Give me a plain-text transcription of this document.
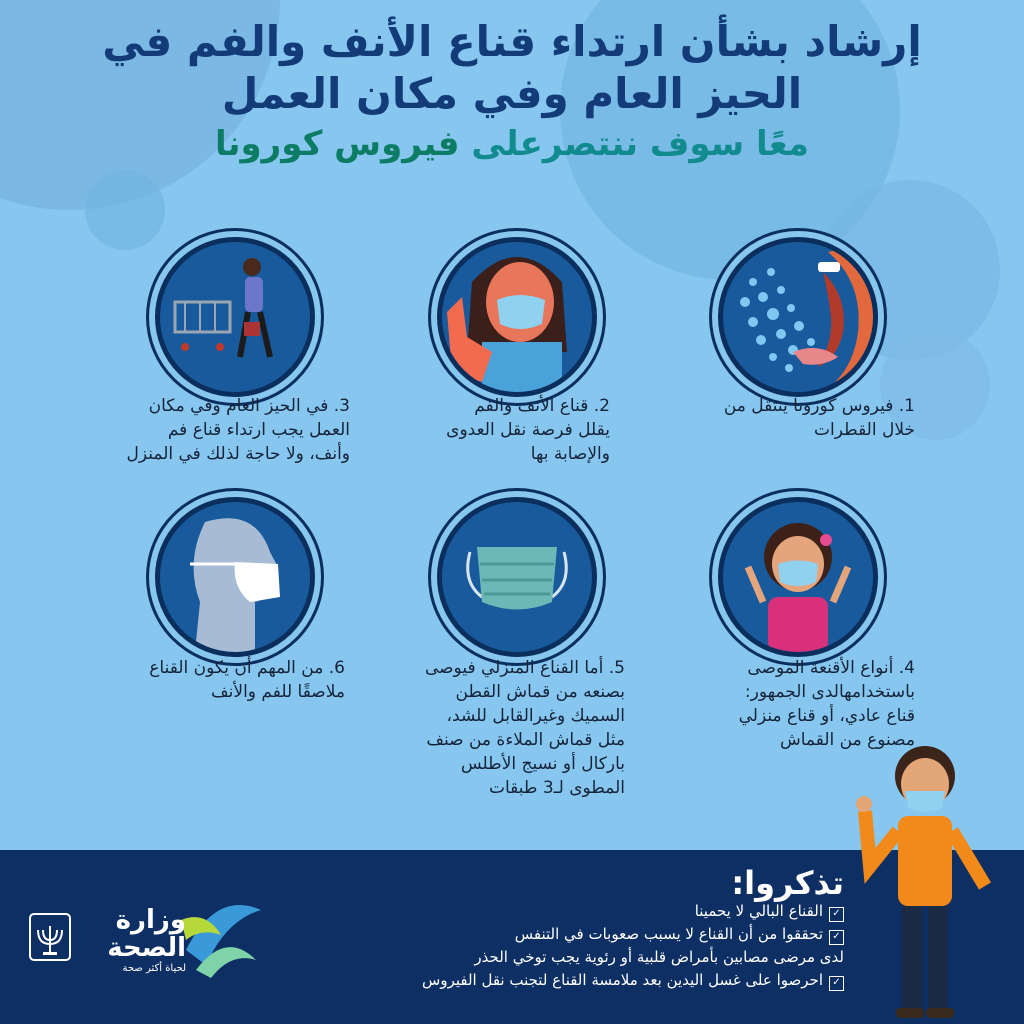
إرشاد بشأن ارتداء قناع الأنف والفم في
الحيز العام وفي مكان العمل
معًا سوف ننتصرعلى فيروس كورونا
1. فيروس كورونا ينتقل من
خلال القطرات
2. قناع الأنف والفم
يقلل فرصة نقل العدوى
والإصابة بها
3. في الحيز العام وفي مكان
العمل يجب ارتداء قناع فم
وأنف، ولا حاجة لذلك في المنزل
4. أنواع الأقنعة الموصى
باستخدامهالدى الجمهور:
قناع عادي، أو قناع منزلي
مصنوع من القماش
5. أما القناع المنزلي فيوصى
بصنعه من قماش القطن
السميك وغيرالقابل للشد،
مثل قماش الملاءة من صنف
باركال أو نسيج الأطلس
المطوى لـ3 طبقات
6. من المهم أن يكون القناع
ملاصقًا للفم والأنف
تذكروا:
✓القناع البالي لا يحمينا
✓تحققوا من أن القناع لا يسبب صعوبات في التنفس
لدى مرضى مصابين بأمراض قلبية أو رئوية يجب توخي الحذر
✓احرصوا على غسل اليدين بعد ملامسة القناع لتجنب نقل الفيروس
وزارة
الصحة
لحياة أكثر صحة
